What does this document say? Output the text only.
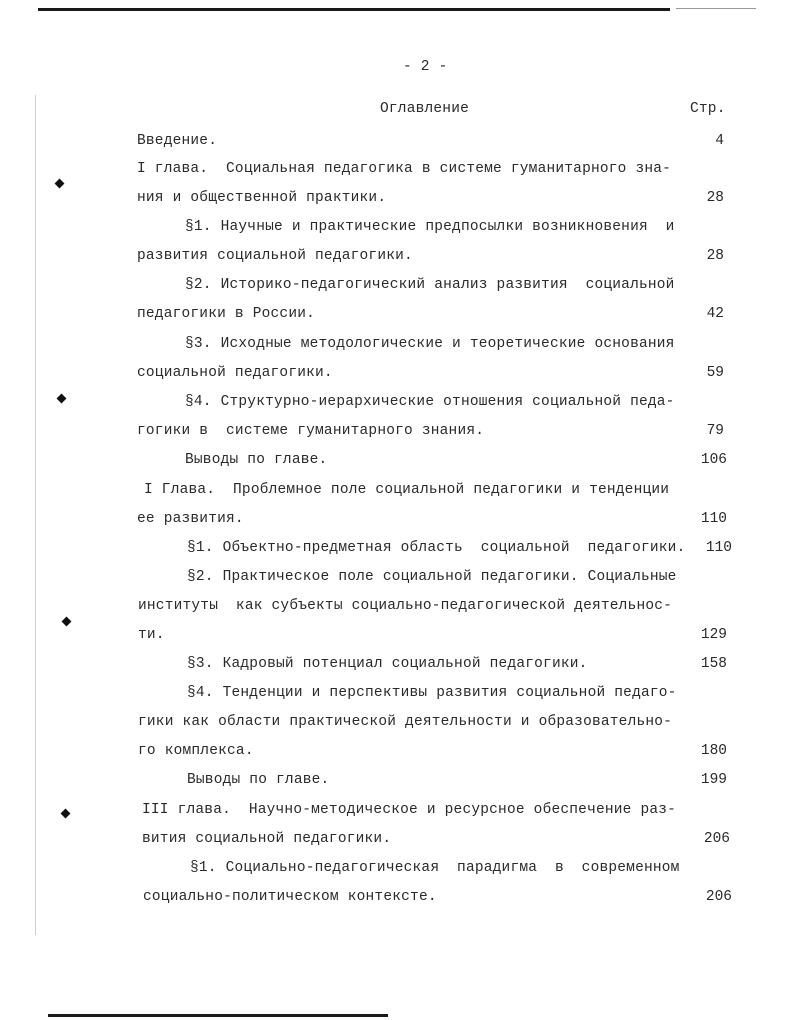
- 2 -
Оглавление	Стр.
Введение.	4
I глава.  Социальная педагогика в системе гуманитарного зна-
ния и общественной практики.	28
§1. Научные и практические предпосылки возникновения  и
развития социальной педагогики.	28
§2. Историко-педагогический анализ развития  социальной
педагогики в России.	42
§3. Исходные методологические и теоретические основания
социальной педагогики.	59
§4. Структурно-иерархические отношения социальной педа-
гогики в  системе гуманитарного знания.	79
Выводы по главе.	106
I Глава.  Проблемное поле социальной педагогики и тенденции
ее развития.	110
§1. Объектно-предметная область  социальной  педагогики.	110
§2. Практическое поле социальной педагогики. Социальные
институты  как субъекты социально-педагогической деятельнос-
ти.	129
§3. Кадровый потенциал социальной педагогики.	158
§4. Тенденции и перспективы развития социальной педаго-
гики как области практической деятельности и образовательно-
го комплекса.	180
Выводы по главе.	199
III глава.  Научно-методическое и ресурсное обеспечение раз-
вития социальной педагогики.	206
§1. Социально-педагогическая  парадигма  в  современном
социально-политическом контексте.	206
